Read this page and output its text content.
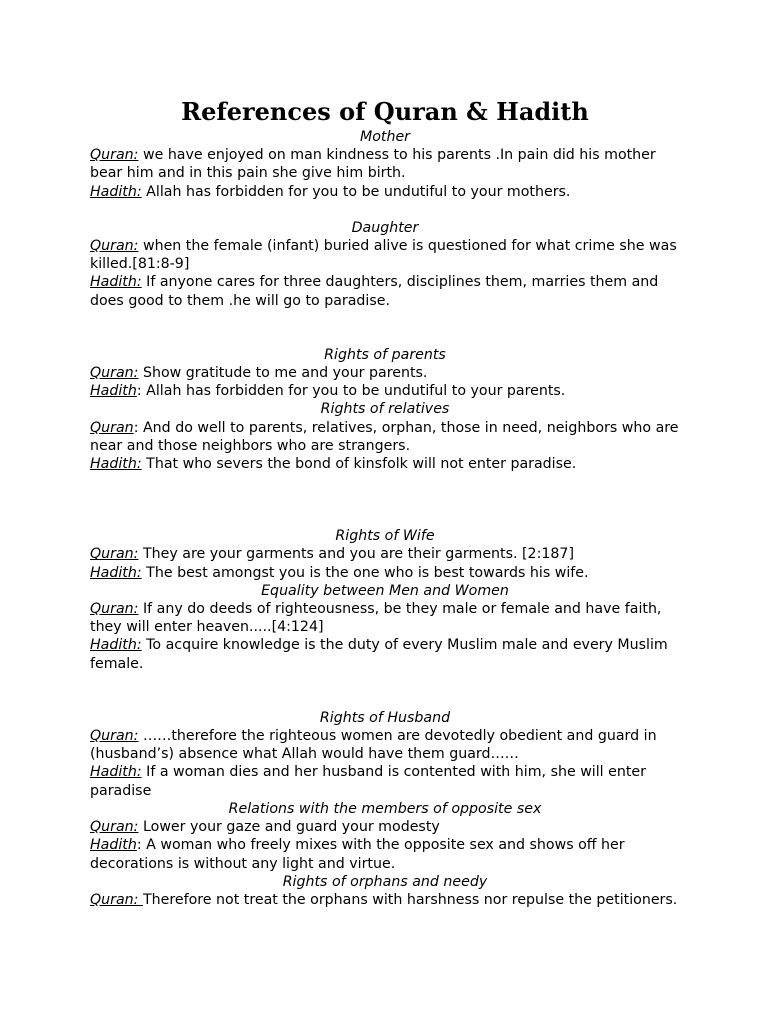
References of Quran & Hadith

Mother

Quran: we have enjoyed on man kindness to his parents .In pain did his mother bear him and in this pain she give him birth.

Hadith: Allah has forbidden for you to be undutiful to your mothers.

Daughter

Quran: when the female (infant) buried alive is questioned for what crime she was killed.[81:8-9]

Hadith: If anyone cares for three daughters, disciplines them, marries them and does good to them .he will go to paradise.

Rights of parents

Quran: Show gratitude to me and your parents.

Hadith: Allah has forbidden for you to be undutiful to your parents.

Rights of relatives

Quran: And do well to parents, relatives, orphan, those in need, neighbors who are near and those neighbors who are strangers.

Hadith: That who severs the bond of kinsfolk will not enter paradise.

Rights of Wife

Quran: They are your garments and you are their garments. [2:187]

Hadith: The best amongst you is the one who is best towards his wife.

Equality between Men and Women

Quran: If any do deeds of righteousness, be they male or female and have faith, they will enter heaven.....[4:124]

Hadith: To acquire knowledge is the duty of every Muslim male and every Muslim female.

Rights of Husband

Quran: ……therefore the righteous women are devotedly obedient and guard in (husband’s) absence what Allah would have them guard……

Hadith: If a woman dies and her husband is contented with him, she will enter paradise

Relations with the members of opposite sex

Quran: Lower your gaze and guard your modesty

Hadith: A woman who freely mixes with the opposite sex and shows off her decorations is without any light and virtue.

Rights of orphans and needy

Quran: Therefore not treat the orphans with harshness nor repulse the petitioners.
